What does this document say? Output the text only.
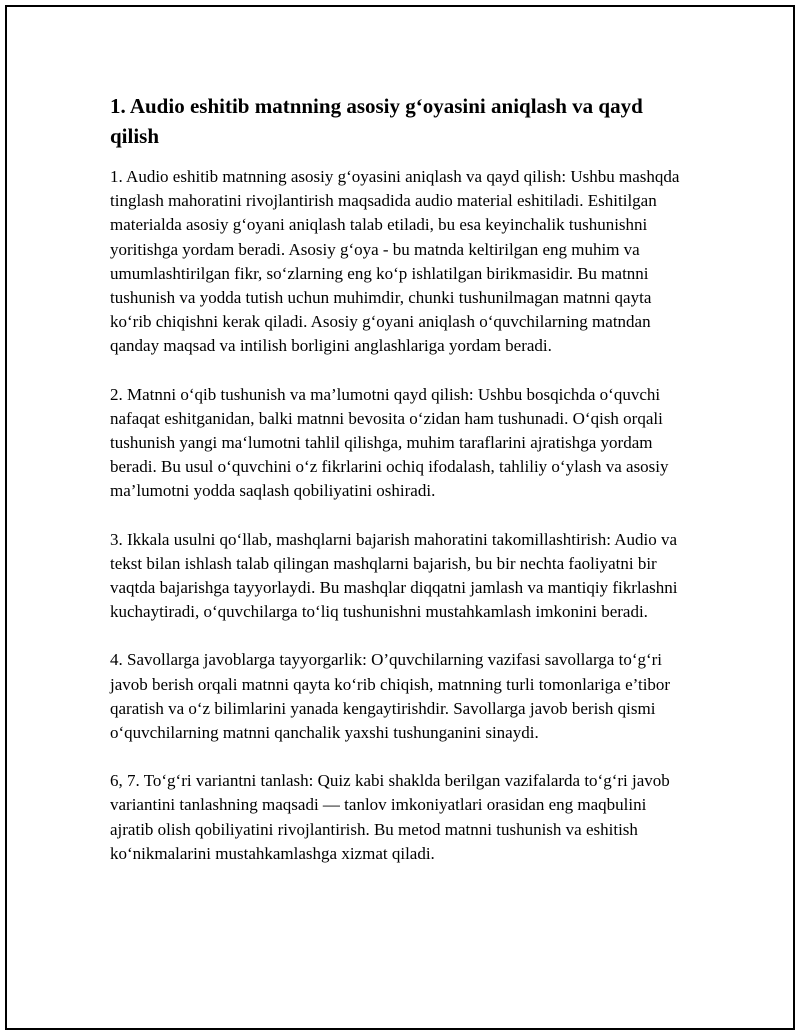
1. Audio eshitib matnning asosiy g‘oyasini aniqlash va qayd qilish

1. Audio eshitib matnning asosiy g‘oyasini aniqlash va qayd qilish: Ushbu mashqda tinglash mahoratini rivojlantirish maqsadida audio material eshitiladi. Eshitilgan materialda asosiy g‘oyani aniqlash talab etiladi, bu esa keyinchalik tushunishni yoritishga yordam beradi. Asosiy g‘oya - bu matnda keltirilgan eng muhim va umumlashtirilgan fikr, so‘zlarning eng ko‘p ishlatilgan birikmasidir. Bu matnni tushunish va yodda tutish uchun muhimdir, chunki tushunilmagan matnni qayta ko‘rib chiqishni kerak qiladi. Asosiy g‘oyani aniqlash o‘quvchilarning matndan qanday maqsad va intilish borligini anglashlariga yordam beradi.

2. Matnni o‘qib tushunish va ma’lumotni qayd qilish: Ushbu bosqichda o‘quvchi nafaqat eshitganidan, balki matnni bevosita o‘zidan ham tushunadi. O‘qish orqali tushunish yangi ma‘lumotni tahlil qilishga, muhim taraflarini ajratishga yordam beradi. Bu usul o‘quvchini o‘z fikrlarini ochiq ifodalash, tahliliy o‘ylash va asosiy ma’lumotni yodda saqlash qobiliyatini oshiradi.

3. Ikkala usulni qo‘llab, mashqlarni bajarish mahoratini takomillashtirish: Audio va tekst bilan ishlash talab qilingan mashqlarni bajarish, bu bir nechta faoliyatni bir vaqtda bajarishga tayyorlaydi. Bu mashqlar diqqatni jamlash va mantiqiy fikrlashni kuchaytiradi, o‘quvchilarga to‘liq tushunishni mustahkamlash imkonini beradi.

4. Savollarga javoblarga tayyorgarlik: O’quvchilarning vazifasi savollarga to‘g‘ri javob berish orqali matnni qayta ko‘rib chiqish, matnning turli tomonlariga e’tibor qaratish va o‘z bilimlarini yanada kengaytirishdir. Savollarga javob berish qismi o‘quvchilarning matnni qanchalik yaxshi tushunganini sinaydi.

6, 7. To‘g‘ri variantni tanlash: Quiz kabi shaklda berilgan vazifalarda to‘g‘ri javob variantini tanlashning maqsadi — tanlov imkoniyatlari orasidan eng maqbulini ajratib olish qobiliyatini rivojlantirish. Bu metod matnni tushunish va eshitish ko‘nikmalarini mustahkamlashga xizmat qiladi.
